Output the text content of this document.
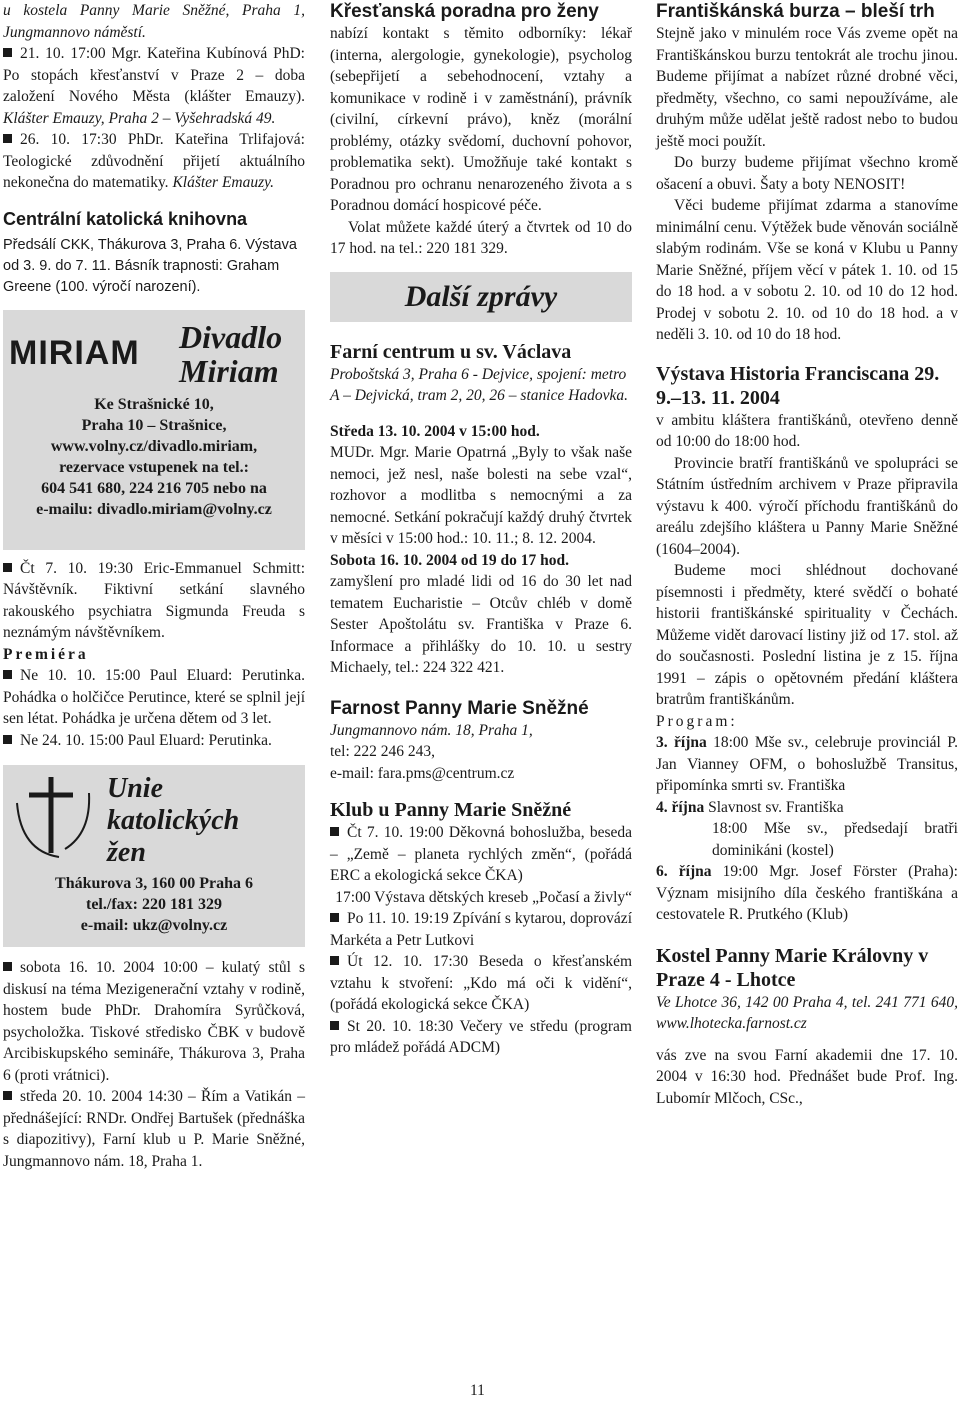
u kostela Panny Marie Sněžné, Praha 1, Jungmannovo náměstí.

21. 10. 17:00 Mgr. Kateřina Kubínová PhD: Po stopách křesťanství v Praze 2 – doba založení Nového Města (klášter Emauzy). Klášter Emauzy, Praha 2 – Vyšehradská 49.

26. 10. 17:30 PhDr. Kateřina Trlifajová: Teologické zdůvodnění přijetí aktuálního nekonečna do matematiky. Klášter Emauzy.

Centrální katolická knihovna

Předsálí CKK, Thákurova 3, Praha 6. Výstava od 3. 9. do 7. 11. Básník trapnosti: Graham Greene (100. výročí narození).

MIRIAM	Divadlo

Miriam

Ke Strašnické 10,

Praha 10 – Strašnice,

www.volny.cz/divadlo.miriam,

rezervace vstupenek na tel.:

604 541 680, 224 216 705 nebo na

e-mailu: divadlo.miriam@volny.cz

Čt 7. 10. 19:30 Eric-Emmanuel Schmitt: Návštěvník. Fiktivní setkání slavného rakouského psychiatra Sigmunda Freuda s neznámým návštěvníkem.

Premiéra

Ne 10. 10. 15:00 Paul Eluard: Perutinka. Pohádka o holčičce Perutince, které se splnil její sen létat. Pohádka je určena dětem od 3 let.

Ne 24. 10. 15:00 Paul Eluard: Perutinka.

Unie

katolických

žen

Thákurova 3, 160 00 Praha 6

tel./fax: 220 181 329

e-mail: ukz@volny.cz

sobota 16. 10. 2004 10:00 – kulatý stůl s diskusí na téma Mezigenerační vztahy v rodině, hostem bude PhDr. Drahomíra Syrůčková, psycholožka. Tiskové středisko ČBK v budově Arcibiskupského semináře, Thákurova 3, Praha 6 (proti vrátnici).

středa 20. 10. 2004 14:30 – Řím a Vatikán – přednášející: RNDr. Ondřej Bartušek (přednáška s diapozitivy), Farní klub u P. Marie Sněžné, Jungmannovo nám. 18, Praha 1.

Křesťanská poradna pro ženy

nabízí kontakt s těmito odborníky: lékař (interna, alergologie, gynekologie), psycholog (sebepřijetí a sebehodnocení, vztahy a komunikace v rodině i v zaměstnání), právník (civilní, církevní právo), kněz (morální problémy, otázky svědomí, duchovní pohovor, problematika sekt). Umožňuje také kontakt s Poradnou pro ochranu nenarozeného života a s Poradnou domácí hospicové péče.

Volat můžete každé úterý a čtvrtek od 10 do 17 hod. na tel.: 220 181 329.

Další zprávy
Farní centrum u sv. Václava

Proboštská 3, Praha 6 - Dejvice, spojení: metro A – Dejvická, tram 2, 20, 26 – stanice Hadovka.

Středa 13. 10. 2004 v 15:00 hod.

MUDr. Mgr. Marie Opatrná „Byly to však naše nemoci, jež nesl, naše bolesti na sebe vzal“, rozhovor a modlitba s nemocnými a za nemocné. Setkání pokračují každý druhý čtvrtek v měsíci v 15:00 hod.: 10. 11.; 8. 12. 2004.

Sobota 16. 10. 2004 od 19 do 17 hod.

zamyšlení pro mladé lidi od 16 do 30 let nad tematem Eucharistie – Otcův chléb v domě Sester Apoštolátu sv. Františka v Praze 6. Informace a přihlášky do 10. 10. u sestry Michaely, tel.: 224 322 421.

Farnost Panny Marie Sněžné

Jungmannovo nám. 18, Praha 1,

tel: 222 246 243,

e-mail: fara.pms@centrum.cz

Klub u Panny Marie Sněžné

Čt 7. 10. 19:00 Děkovná bohoslužba, beseda – „Země – planeta rychlých změn“, (pořádá ERC a ekologická sekce ČKA)

17:00 Výstava dětských kreseb „Počasí a živly“

Po 11. 10. 19:19 Zpívání s kytarou, doprovází Markéta a Petr Lutkovi

Út 12. 10. 17:30 Beseda o křesťanském vztahu k stvoření: „Kdo má oči k vidění“, (pořádá ekologická sekce ČKA)

St 20. 10. 18:30 Večery ve středu (program pro mládež pořádá ADCM)

Františkánská burza – bleší trh

Stejně jako v minulém roce Vás zveme opět na Františkánskou burzu tentokrát ale trochu jinou. Budeme přijímat a nabízet různé drobné věci, předměty, všechno, co sami nepoužíváme, ale druhým může udělat ještě radost nebo to budou ještě moci použít.

Do burzy budeme přijímat všechno kromě ošacení a obuvi. Šaty a boty NENOSIT!

Věci budeme přijímat zdarma a stanovíme minimální cenu. Výtěžek bude věnován sociálně slabým rodinám. Vše se koná v Klubu u Panny Marie Sněžné, příjem věcí v pátek 1. 10. od 15 do 18 hod. a v sobotu 2. 10. od 10 do 12 hod. Prodej v sobotu 2. 10. od 10 do 18 hod. a v neděli 3. 10. od 10 do 18 hod.

Výstava Historia Franciscana 29. 9.–13. 11. 2004

v ambitu kláštera františkánů, otevřeno denně od 10:00 do 18:00 hod.

Provincie bratří františkánů ve spolupráci se Státním ústředním archivem v Praze připravila výstavu k 400. výročí příchodu františkánů do areálu zdejšího kláštera u Panny Marie Sněžné (1604–2004).

Budeme moci shlédnout dochované písemnosti i předměty, které svědčí o bohaté historii františkánské spirituality v Čechách. Můžeme vidět darovací listiny již od 17. stol. až do současnosti. Poslední listina je z 15. října 1991 – zápis o opětovném předání kláštera bratrům františkánům.

Program:

3. října 18:00 Mše sv., celebruje provinciál P. Jan Vianney OFM, o bohoslužbě Transitus, připomínka smrti sv. Františka

4. října Slavnost sv. Františka

18:00 Mše sv., předsedají bratři dominikáni (kostel)

6. října 19:00 Mgr. Josef Förster (Praha): Význam misijního díla českého františkána a cestovatele R. Prutkého (Klub)

Kostel Panny Marie Královny v Praze 4 - Lhotce

Ve Lhotce 36, 142 00 Praha 4, tel. 241 771 640, www.lhotecka.farnost.cz

vás zve na svou Farní akademii dne 17. 10. 2004 v 16:30 hod. Přednášet bude Prof. Ing. Lubomír Mlčoch, CSc.,

11
